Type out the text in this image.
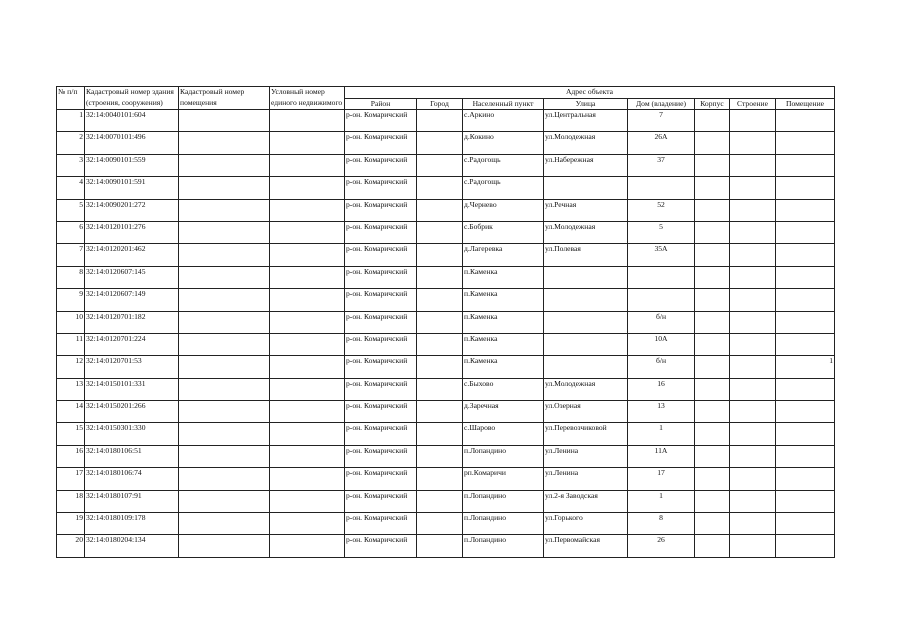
№ п/п	Кадастровый номер здания (строения, сооружения)	Кадастровый номер помещения	Условный номер единого недвижимого	Адрес объекта							
				Район	Город	Населенный пункт	Улица	Дом (владение)	Корпус	Строение	Помещение
1	32:14:0040101:604			р-он. Комаричский		с.Аркино	ул.Центральная	7			
2	32:14:0070101:496			р-он. Комаричский		д.Кокино	ул.Молодежная	26А			
3	32:14:0090101:559			р-он. Комаричский		с.Радогощь	ул.Набережная	37			
4	32:14:0090101:591			р-он. Комаричский		с.Радогощь					
5	32:14:0090201:272			р-он. Комаричский		д.Чернево	ул.Речная	52			
6	32:14:0120101:276			р-он. Комаричский		с.Бобрик	ул.Молодежная	5			
7	32:14:0120201:462			р-он. Комаричский		д.Лагеревка	ул.Полевая	35А			
8	32:14:0120607:145			р-он. Комаричский		п.Каменка					
9	32:14:0120607:149			р-он. Комаричский		п.Каменка					
10	32:14:0120701:182			р-он. Комаричский		п.Каменка		б/н			
11	32:14:0120701:224			р-он. Комаричский		п.Каменка		10А			
12	32:14:0120701:53			р-он. Комаричский		п.Каменка		б/н			1
13	32:14:0150101:331			р-он. Комаричский		с.Быхово	ул.Молодежная	16			
14	32:14:0150201:266			р-он. Комаричский		д.Заречная	ул.Озерная	13			
15	32:14:0150301:330			р-он. Комаричский		с.Шарово	ул.Перевозчиковой	1			
16	32:14:0180106:51			р-он. Комаричский		п.Лопандино	ул.Ленина	11А			
17	32:14:0180106:74			р-он. Комаричский		рп.Комаричи	ул.Ленина	17			
18	32:14:0180107:91			р-он. Комаричский		п.Лопандино	ул.2-я Заводская	1			
19	32:14:0180109:178			р-он. Комаричский		п.Лопандино	ул.Горького	8			
20	32:14:0180204:134			р-он. Комаричский		п.Лопандино	ул.Первомайская	26			
